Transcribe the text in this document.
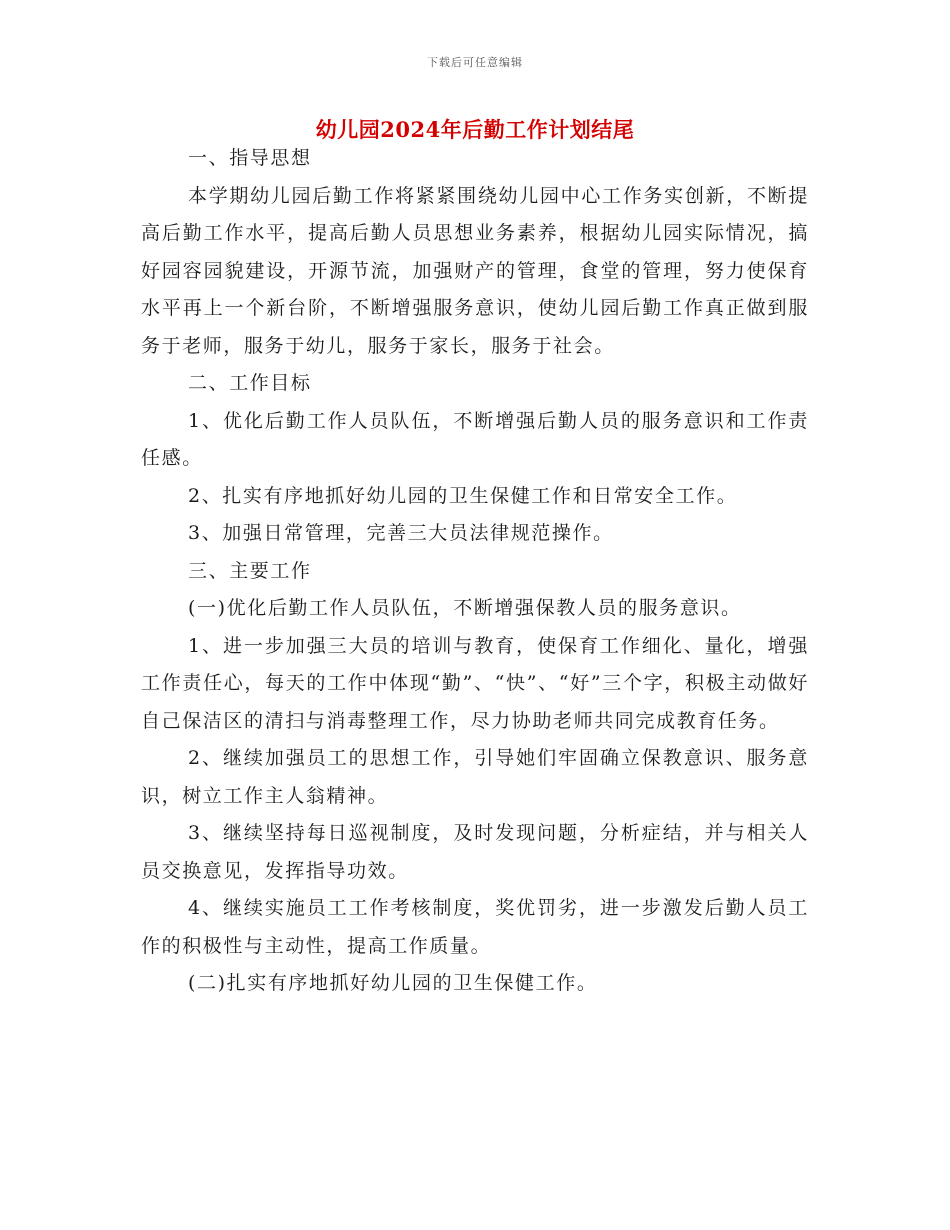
下载后可任意编辑
幼儿园2024年后勤工作计划结尾

一、指导思想

本学期幼儿园后勤工作将紧紧围绕幼儿园中心工作务实创新，不断提高后勤工作水平，提高后勤人员思想业务素养，根据幼儿园实际情况，搞好园容园貌建设，开源节流，加强财产的管理，食堂的管理，努力使保育水平再上一个新台阶，不断增强服务意识，使幼儿园后勤工作真正做到服务于老师，服务于幼儿，服务于家长，服务于社会。

二、工作目标

1、优化后勤工作人员队伍，不断增强后勤人员的服务意识和工作责任感。

2、扎实有序地抓好幼儿园的卫生保健工作和日常安全工作。

3、加强日常管理，完善三大员法律规范操作。

三、主要工作

(一)优化后勤工作人员队伍，不断增强保教人员的服务意识。

1、进一步加强三大员的培训与教育，使保育工作细化、量化，增强工作责任心，每天的工作中体现“勤”、“快”、“好”三个字，积极主动做好自己保洁区的清扫与消毒整理工作，尽力协助老师共同完成教育任务。

2、继续加强员工的思想工作，引导她们牢固确立保教意识、服务意识，树立工作主人翁精神。

3、继续坚持每日巡视制度，及时发现问题，分析症结，并与相关人员交换意见，发挥指导功效。

4、继续实施员工工作考核制度，奖优罚劣，进一步激发后勤人员工作的积极性与主动性，提高工作质量。

(二)扎实有序地抓好幼儿园的卫生保健工作。
